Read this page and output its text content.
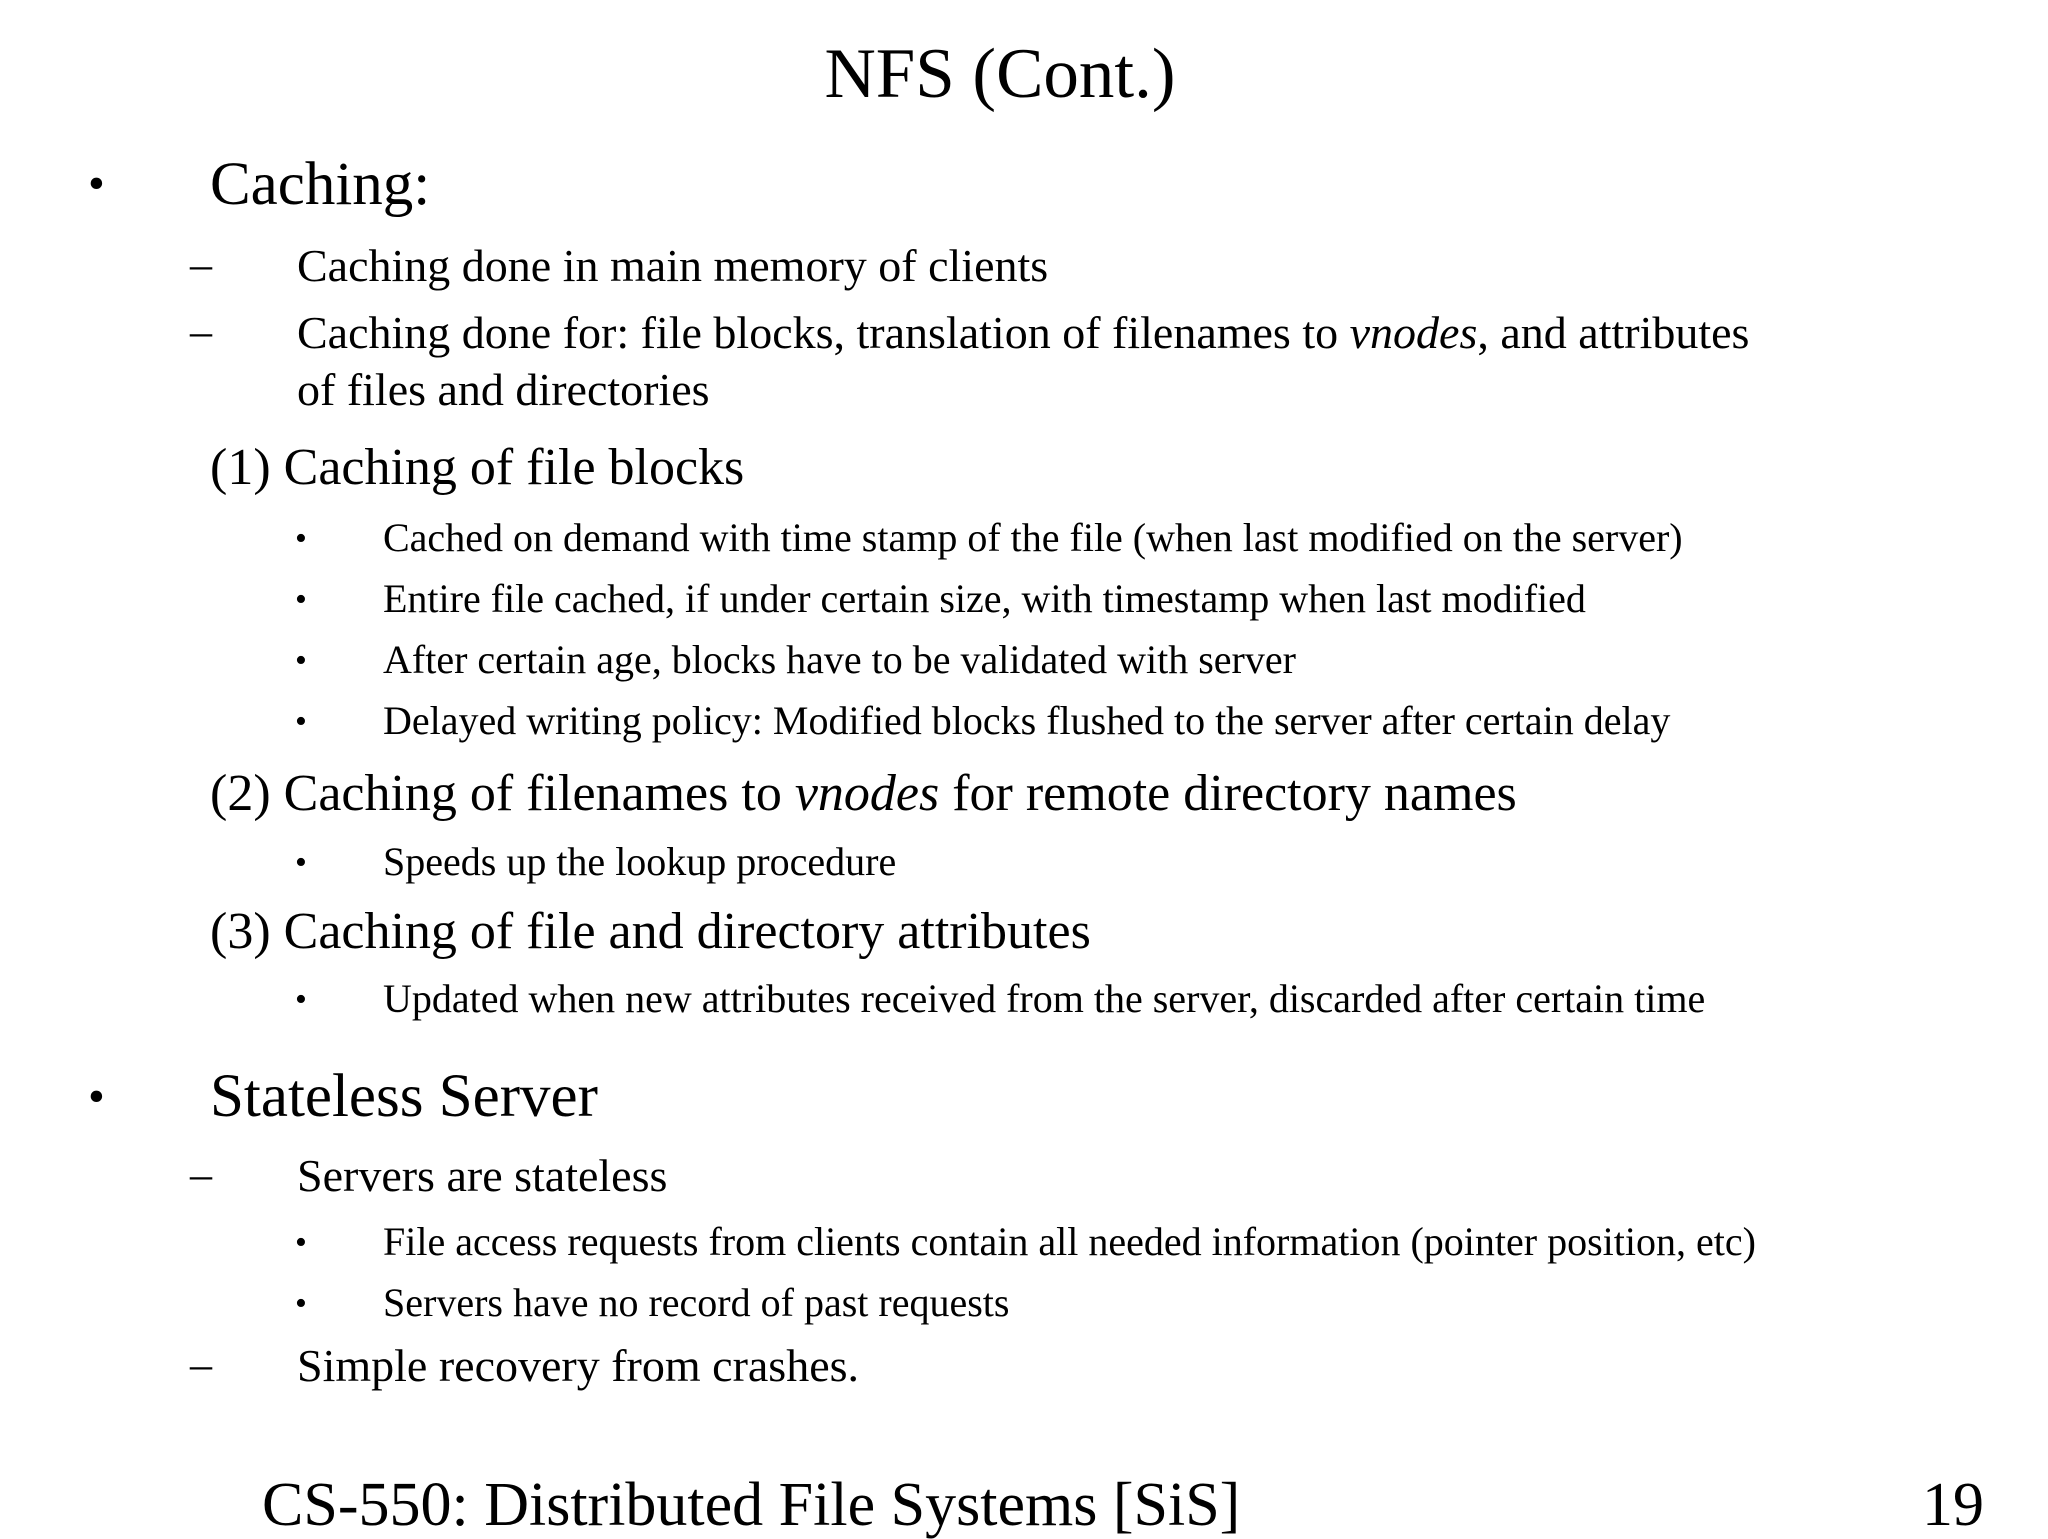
NFS (Cont.)
• Caching:
– Caching done in main memory of clients
– Caching done for: file blocks, translation of filenames to vnodes, and attributes
of files and directories
(1) Caching of file blocks
• Cached on demand with time stamp of the file (when last modified on the server)
• Entire file cached, if under certain size, with timestamp when last modified
• After certain age, blocks have to be validated with server
• Delayed writing policy: Modified blocks flushed to the server after certain delay
(2) Caching of filenames to vnodes for remote directory names
• Speeds up the lookup procedure
(3) Caching of file and directory attributes
• Updated when new attributes received from the server, discarded after certain time
• Stateless Server
– Servers are stateless
• File access requests from clients contain all needed information (pointer position, etc)
• Servers have no record of past requests
– Simple recovery from crashes.
CS-550: Distributed File Systems [SiS]	19
